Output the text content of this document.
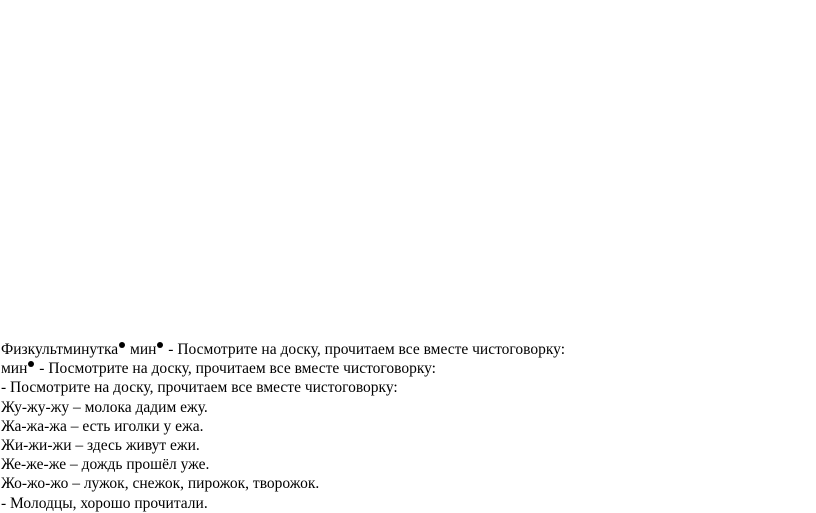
Физкультминутка мин - Посмотрите на доску, прочитаем все вместе чистоговорку:

мин - Посмотрите на доску, прочитаем все вместе чистоговорку:

- Посмотрите на доску, прочитаем все вместе чистоговорку:

Жу-жу-жу – молока дадим ежу.

Жа-жа-жа – есть иголки у ежа.

Жи-жи-жи – здесь живут ежи.

Же-же-же – дождь прошёл уже.

Жо-жо-жо – лужок, снежок, пирожок, творожок.

- Молодцы, хорошо прочитали.
